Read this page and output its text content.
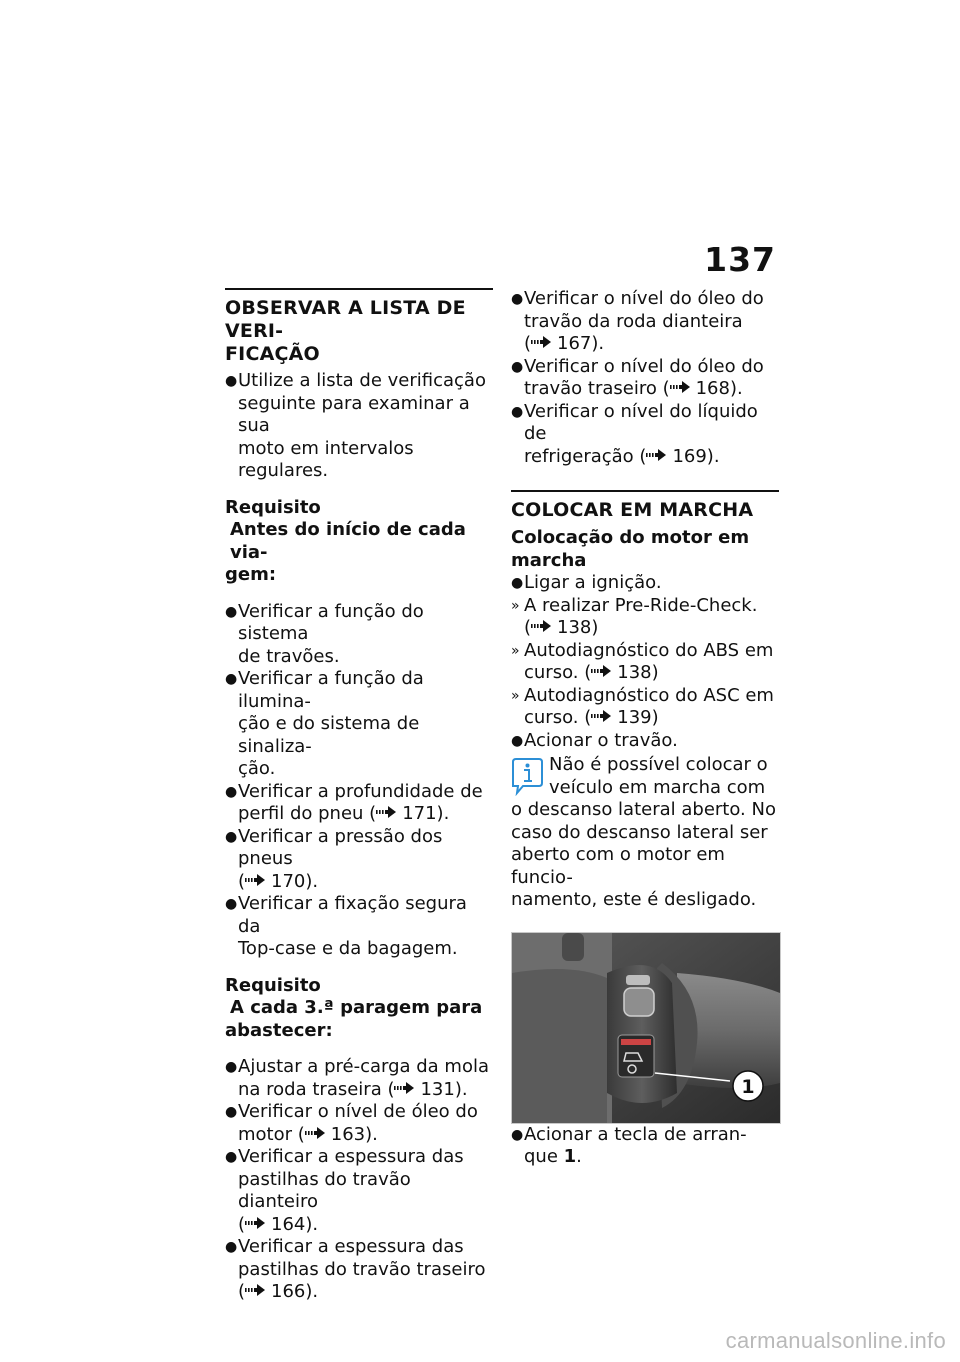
137
OBSERVAR A LISTA DE VERI-
FICAÇÃO
● Utilize a lista de verificação
seguinte para examinar a sua
moto em intervalos regulares.
Requisito
Antes do início de cada via-
gem:
● Verificar a função do sistema
de travões.
● Verificar a função da ilumina-
ção e do sistema de sinaliza-
ção.
● Verificar a profundidade de
perfil do pneu ( 171).
● Verificar a pressão dos pneus
( 170).
● Verificar a fixação segura da
Top-case e da bagagem.
Requisito
A cada 3.ª paragem para
abastecer:
● Ajustar a pré-carga da mola
na roda traseira ( 131).
● Verificar o nível de óleo do
motor ( 163).
● Verificar a espessura das
pastilhas do travão dianteiro
( 164).
● Verificar a espessura das
pastilhas do travão traseiro
( 166).
● Verificar o nível do óleo do
travão da roda dianteira
( 167).
● Verificar o nível do óleo do
travão traseiro ( 168).
● Verificar o nível do líquido de
refrigeração ( 169).
COLOCAR EM MARCHA
Colocação do motor em
marcha
● Ligar a ignição.
» A realizar Pre-Ride-Check.
( 138)
» Autodiagnóstico do ABS em
curso. ( 138)
» Autodiagnóstico do ASC em
curso. ( 139)
● Acionar o travão.
Não é possível colocar o
veículo em marcha com
o descanso lateral aberto. No
caso do descanso lateral ser
aberto com o motor em funcio-
namento, este é desligado.
1
● Acionar a tecla de arran-
que 1.
carmanualsonline.info
